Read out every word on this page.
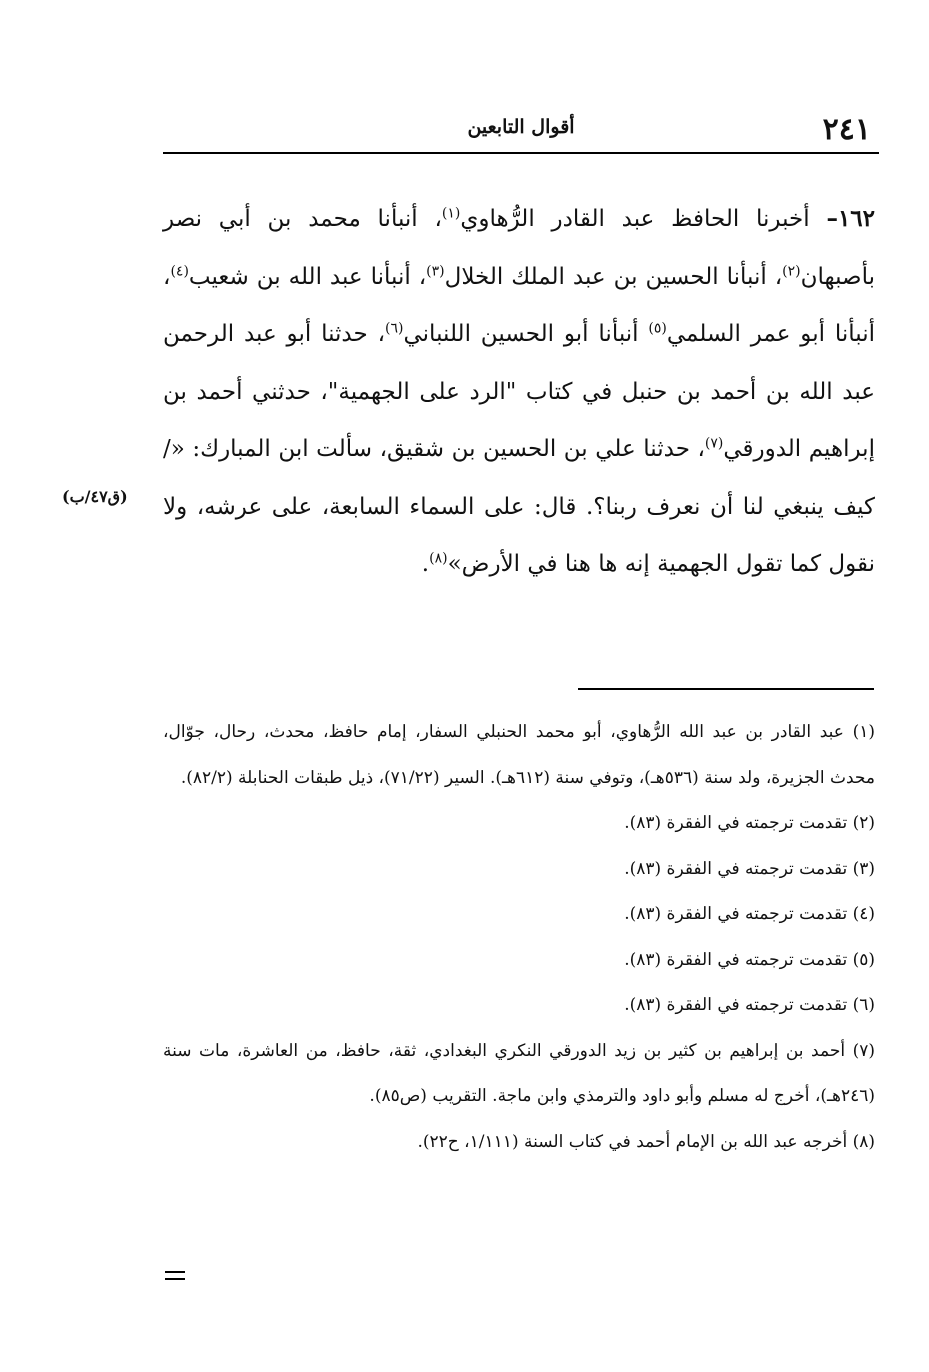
٢٤١
أقوال التابعين
١٦٢– أخبرنا الحافظ عبد القادر الرُّهاوي$^{(١)}$، أنبأنا محمد بن أبي نصر بأصبهان$^{(٢)}$، أنبأنا الحسين بن عبد الملك الخلال$^{(٣)}$، أنبأنا عبد الله بن شعيب$^{(٤)}$، أنبأنا أبو عمر السلمي$^{(٥)}$ أنبأنا أبو الحسين اللنباني$^{(٦)}$، حدثنا أبو عبد الرحمن عبد الله بن أحمد بن حنبل في كتاب "الرد على الجهمية"، حدثني أحمد بن إبراهيم الدورقي$^{(٧)}$، حدثنا علي بن الحسين بن شقيق، سألت ابن المبارك: «/ كيف ينبغي لنا أن نعرف ربنا؟. قال: على السماء السابعة، على عرشه، ولا نقول كما تقول الجهمية إنه ها هنا في الأرض»$^{(٨)}$.
(ق٤٧/ب)

(١) عبد القادر بن عبد الله الرُّهاوي، أبو محمد الحنبلي السفار، إمام حافظ، محدث، رحال، جوّال، محدث الجزيرة، ولد سنة (٥٣٦هـ)، وتوفي سنة (٦١٢هـ). السير (٧١/٢٢)، ذيل طبقات الحنابلة (٨٢/٢).

(٢) تقدمت ترجمته في الفقرة (٨٣).

(٣) تقدمت ترجمته في الفقرة (٨٣).

(٤) تقدمت ترجمته في الفقرة (٨٣).

(٥) تقدمت ترجمته في الفقرة (٨٣).

(٦) تقدمت ترجمته في الفقرة (٨٣).

(٧) أحمد بن إبراهيم بن كثير بن زيد الدورقي النكري البغدادي، ثقة، حافظ، من العاشرة، مات سنة (٢٤٦هـ)، أخرج له مسلم وأبو داود والترمذي وابن ماجة. التقريب (ص٨٥).

(٨) أخرجه عبد الله بن الإمام أحمد في كتاب السنة (١/١١١، ح٢٢).
